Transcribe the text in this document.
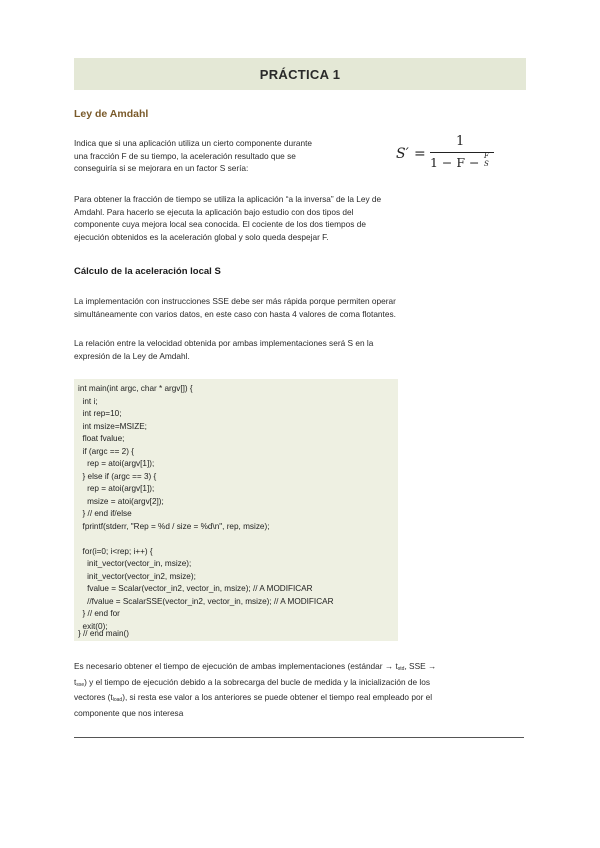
PRÁCTICA 1
Ley de Amdahl
Indica que si una aplicación utiliza un cierto componente durante
una fracción F de su tiempo, la aceleración resultado que se
conseguiría si se mejorara en un factor S sería:
S′ =
1
1 − F − F
S
Para obtener la fracción de tiempo se utiliza la aplicación “a la inversa” de la Ley de
Amdahl. Para hacerlo se ejecuta la aplicación bajo estudio con dos tipos del
componente cuya mejora local sea conocida. El cociente de los dos tiempos de
ejecución obtenidos es la aceleración global y solo queda despejar F.
Cálculo de la aceleración local S
La implementación con instrucciones SSE debe ser más rápida porque permiten operar
simultáneamente con varios datos, en este caso con hasta 4 valores de coma flotantes.
La relación entre la velocidad obtenida por ambas implementaciones será S en la
expresión de la Ley de Amdahl.
int main(int argc, char * argv[]) {
int i;
int rep=10;
int msize=MSIZE;
float fvalue;
if (argc == 2) {
rep = atoi(argv[1]);
} else if (argc == 3) {
rep = atoi(argv[1]);
msize = atoi(argv[2]);
} // end if/else
fprintf(stderr, "Rep = %d / size = %d\n", rep, msize);
for(i=0; i<rep; i++) {
init_vector(vector_in, msize);
init_vector(vector_in2, msize);
fvalue = Scalar(vector_in2, vector_in, msize); // A MODIFICAR
//fvalue = ScalarSSE(vector_in2, vector_in, msize); // A MODIFICAR
} // end for
exit(0);
} // end main()
Es necesario obtener el tiempo de ejecución de ambas implementaciones (estándar → $t_{std}$, SSE →
$t_{sse}$) y el tiempo de ejecución debido a la sobrecarga del bucle de medida y la inicialización de los
vectores $(t_{load})$, si resta ese valor a los anteriores se puede obtener el tiempo real empleado por el
componente que nos interesa
